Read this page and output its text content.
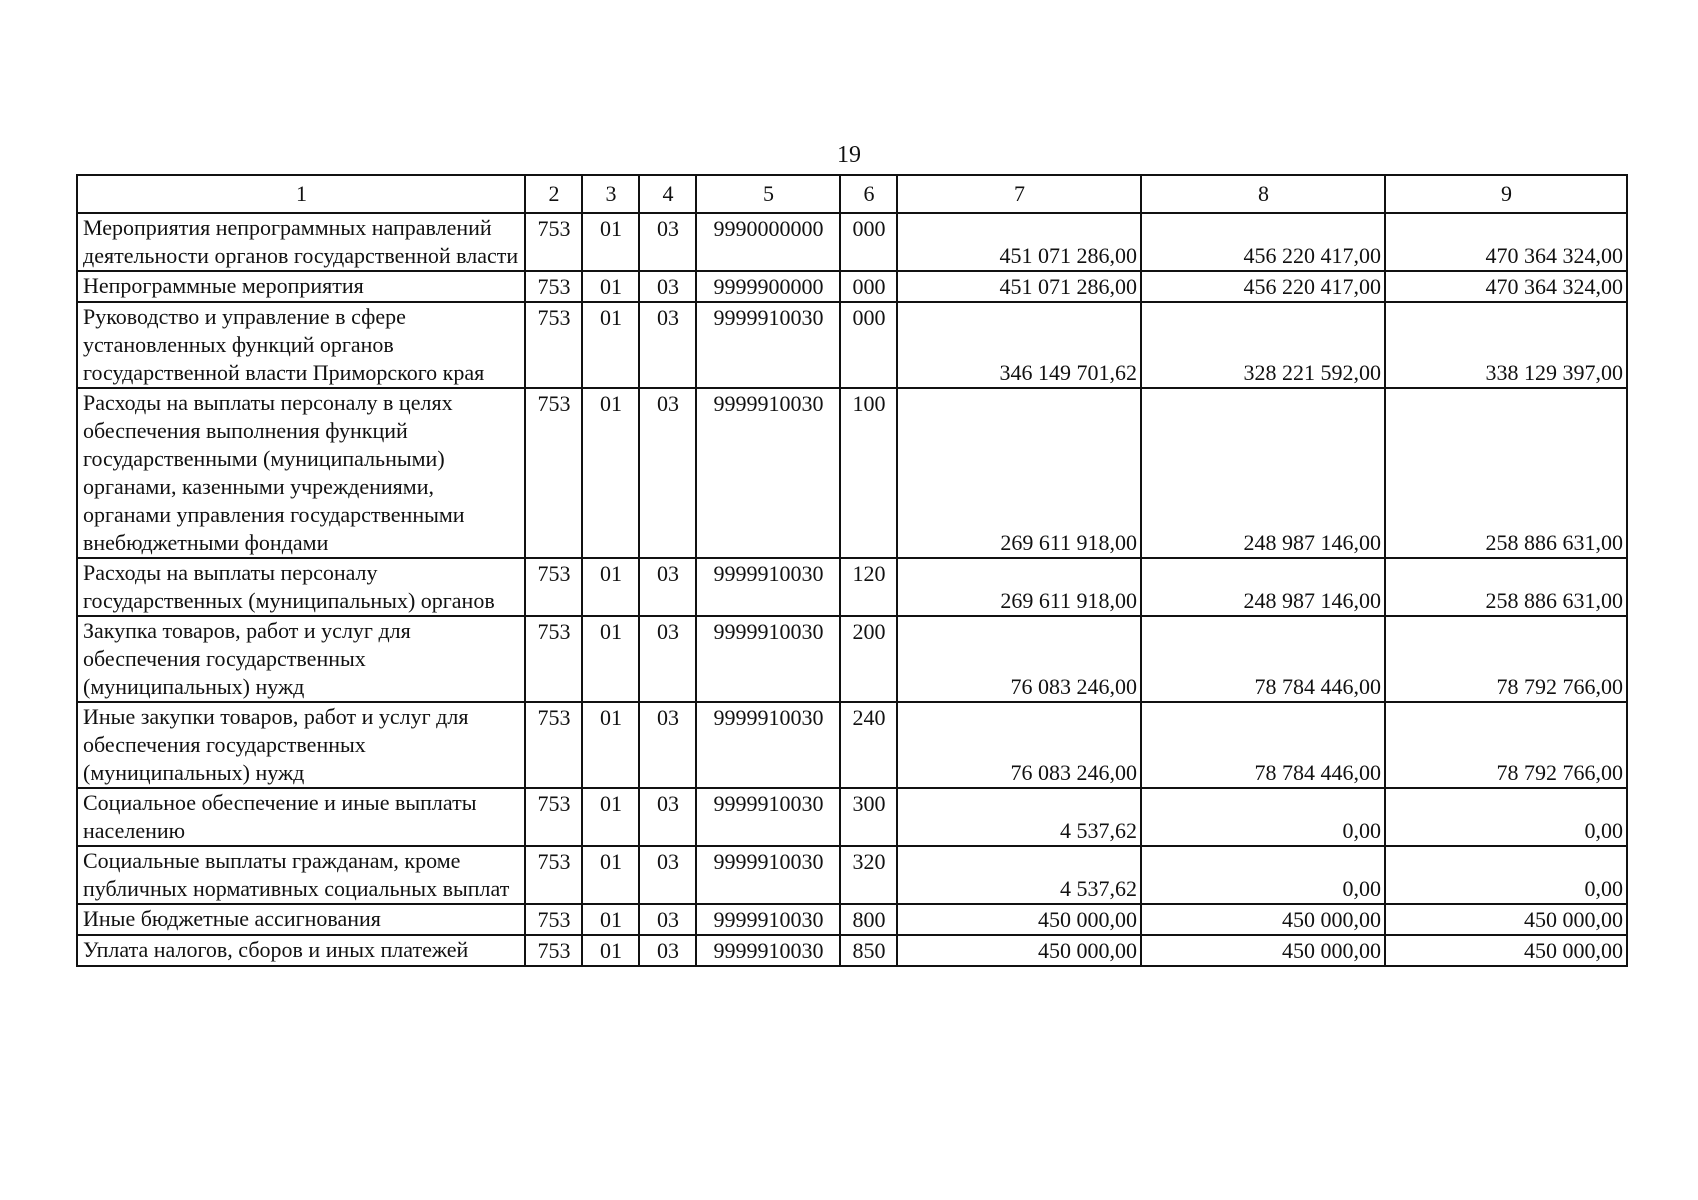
19
1	2	3	4	5	6	7	8	9
Мероприятия непрограммных направлений деятельности органов государственной власти	753	01	03	9990000000	000	451 071 286,00	456 220 417,00	470 364 324,00
Непрограммные мероприятия	753	01	03	9999900000	000	451 071 286,00	456 220 417,00	470 364 324,00
Руководство и управление в сфере установленных функций органов государственной власти Приморского края	753	01	03	9999910030	000	346 149 701,62	328 221 592,00	338 129 397,00
Расходы на выплаты персоналу в целях обеспечения выполнения функций государственными (муниципальными) органами, казенными учреждениями, органами управления государственными внебюджетными фондами	753	01	03	9999910030	100	269 611 918,00	248 987 146,00	258 886 631,00
Расходы на выплаты персоналу государственных (муниципальных) органов	753	01	03	9999910030	120	269 611 918,00	248 987 146,00	258 886 631,00
Закупка товаров, работ и услуг для обеспечения государственных (муниципальных) нужд	753	01	03	9999910030	200	76 083 246,00	78 784 446,00	78 792 766,00
Иные закупки товаров, работ и услуг для обеспечения государственных (муниципальных) нужд	753	01	03	9999910030	240	76 083 246,00	78 784 446,00	78 792 766,00
Социальное обеспечение и иные выплаты населению	753	01	03	9999910030	300	4 537,62	0,00	0,00
Социальные выплаты гражданам, кроме публичных нормативных социальных выплат	753	01	03	9999910030	320	4 537,62	0,00	0,00
Иные бюджетные ассигнования	753	01	03	9999910030	800	450 000,00	450 000,00	450 000,00
Уплата налогов, сборов и иных платежей	753	01	03	9999910030	850	450 000,00	450 000,00	450 000,00
